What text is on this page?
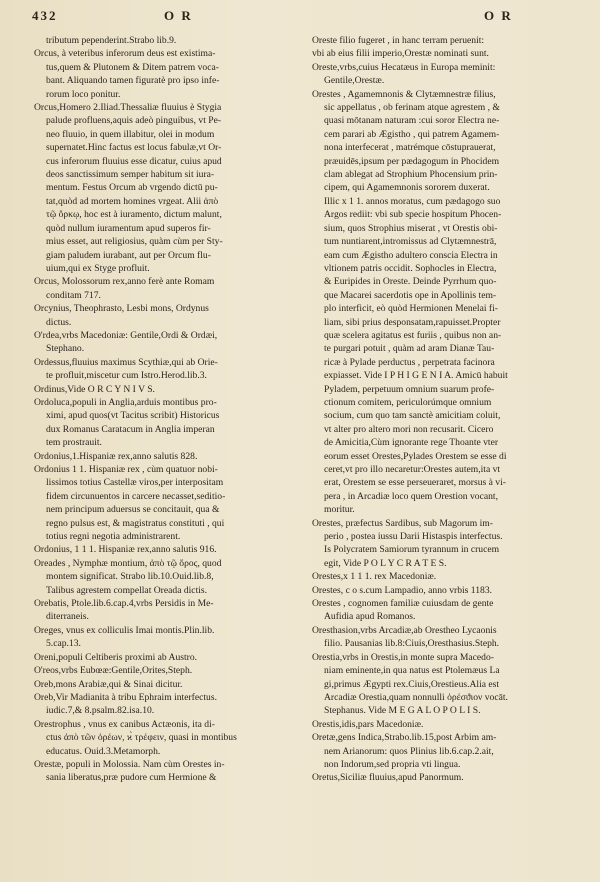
432	O R	O R
tributum pependerint.Strabo lib.9.
Orcus, à veteribus inferorum deus est existima-
tus,quem & Plutonem & Ditem patrem voca-
bant. Aliquando tamen figuratè pro ipso infe-
rorum loco ponitur.
Orcus,Homero 2.Iliad.Thessaliæ fluuius è Stygia
palude profluens,aquis adeò pinguibus, vt Pe-
neo fluuio, in quem illabitur, olei in modum
supernatet.Hinc factus est locus fabulæ,vt Or-
cus inferorum fluuius esse dicatur, cuius apud
deos sanctissimum semper habitum sit iura-
mentum. Festus Orcum ab vrgendo dictū pu-
tat,quòd ad mortem homines vrgeat. Alii ἀπὸ
τῷ ὅρκῳ, hoc est à iuramento, dictum malunt,
quòd nullum iuramentum apud superos fir-
mius esset, aut religiosius, quàm cùm per Sty-
giam paludem iurabant, aut per Orcum flu-
uium,qui ex Styge profluit.
Orcus, Molossorum rex,anno ferè ante Romam
conditam 717.
Orcynius, Theophrasto, Lesbi mons, Ordynus
dictus.
O'rdea,vrbs Macedoniæ: Gentile,Ordi & Ordæi,
Stephano.
Ordessus,fluuius maximus Scythiæ,qui ab Orie-
te profluit,miscetur cum Istro.Herod.lib.3.
Ordinus,Vide O R C Y N I V S.
Ordoluca,populi in Anglia,arduis montibus pro-
ximi, apud quos(vt Tacitus scribit) Historicus
dux Romanus Caratacum in Anglia imperan
tem prostrauit.
Ordonius,1.Hispaniæ rex,anno salutis 828.
Ordonius 1 1. Hispaniæ rex , cùm quatuor nobi-
lissimos totius Castellæ viros,per interpositam
fidem circunuentos in carcere necasset,seditio-
nem principum aduersus se concitauit, qua &
regno pulsus est, & magistratus constituti , qui
totius regni negotia administrarent.
Ordonius, 1 1 1. Hispaniæ rex,anno salutis 916.
Oreades , Nymphæ montium, ἀπὸ τῷ ὄρος, quod
montem significat. Strabo lib.10.Ouid.lib.8,
Talibus agrestem compellat Oreada dictis.
Orebatis, Ptole.lib.6.cap.4,vrbs Persidis in Me-
diterraneis.
Oreges, vnus ex colliculis Imai montis.Plin.lib.
5.cap.13.
Oreni,populi Celtiberis proximi ab Austro.
O'reos,vrbs Eubœæ:Gentile,Orites,Steph.
Oreb,mons Arabiæ,qui & Sinai dicitur.
Oreb,Vir Madianita à tribu Ephraim interfectus.
iudic.7,& 8.psalm.82.isa.10.
Orestrophus , vnus ex canibus Actæonis, ita di-
ctus ἀπὸ τῶν ὀρέων, ϰ̀ τρέφειν, quasi in montibus
educatus. Ouid.3.Metamorph.
Orestæ, populi in Molossia. Nam cùm Orestes in-
sania liberatus,præ pudore cum Hermione &
Oreste filio fugeret , in hanc terram peruenit:
vbi ab eius filii imperio,Orestæ nominati sunt.
Oreste,vrbs,cuius Hecatæus in Europa meminit:
Gentile,Orestæ.
Orestes , Agamemnonis & Clytæmnestræ filius,
sic appellatus , ob ferinam atque agrestem , &
quasi mōtanam naturam :cui soror Electra ne-
cem parari ab Ægistho , qui patrem Agamem-
nona interfecerat , matrémque cōstuprauerat,
præuidēs,ipsum per pædagogum in Phocidem
clam ablegat ad Strophium Phocensium prin-
cipem, qui Agamemnonis sororem duxerat.
Illic x 1 1. annos moratus, cum pædagogo suo
Argos rediit: vbi sub specie hospitum Phocen-
sium, quos Strophius miserat , vt Orestis obi-
tum nuntiarent,intromissus ad Clytæmnestrā,
eam cum Ægistho adultero conscia Electra in
vltionem patris occidit. Sophocles in Electra,
& Euripides in Oreste. Deinde Pyrrhum quo-
que Macarei sacerdotis ope in Apollinis tem-
plo interficit, eò quòd Hermionen Menelai fi-
liam, sibi prius desponsatam,rapuisset.Propter
quæ scelera agitatus est furiis , quibus non an-
te purgari potuit , quàm ad aram Dianæ Tau-
ricæ à Pylade perductus , perpetrata facinora
expiasset. Vide I P H I G E N I A. Amicū habuit
Pyladem, perpetuum omnium suarum profe-
ctionum comitem, periculorúmque omnium
socium, cum quo tam sanctè amicitiam coluit,
vt alter pro altero mori non recusarit. Cicero
de Amicitia,Cùm ignorante rege Thoante vter
eorum esset Orestes,Pylades Orestem se esse di
ceret,vt pro illo necaretur:Orestes autem,ita vt
erat, Orestem se esse perseueraret, morsus à vi-
pera , in Arcadiæ loco quem Orestion vocant,
moritur.
Orestes, præfectus Sardibus, sub Magorum im-
perio , postea iussu Darii Histaspis interfectus.
Is Polycratem Samiorum tyrannum in crucem
egit, Vide P O L Y C R A T E S.
Orestes,x 1 1 1. rex Macedoniæ.
Orestes, c o s.cum Lampadio, anno vrbis 1183.
Orestes , cognomen familiæ cuiusdam de gente
Aufidia apud Romanos.
Oresthasion,vrbs Arcadiæ,ab Orestheo Lycaonis
filio. Pausanias lib.8:Ciuis,Oresthasius.Steph.
Orestia,vrbs in Orestis,in monte supra Macedo-
niam eminente,in qua natus est Ptolemæus La
gi,primus Ægypti rex.Ciuis,Orestieus.Alia est
Arcadiæ Orestia,quam nonnulli ὀρέσϑιον vocāt.
Stephanus. Vide M E G A L O P O L I S.
Orestis,idis,pars Macedoniæ.
Oretæ,gens Indica,Strabo.lib.15,post Arbim am-
nem Arianorum: quos Plinius lib.6.cap.2.ait,
non Indorum,sed propria vti lingua.
Oretus,Siciliæ fluuius,apud Panormum.
